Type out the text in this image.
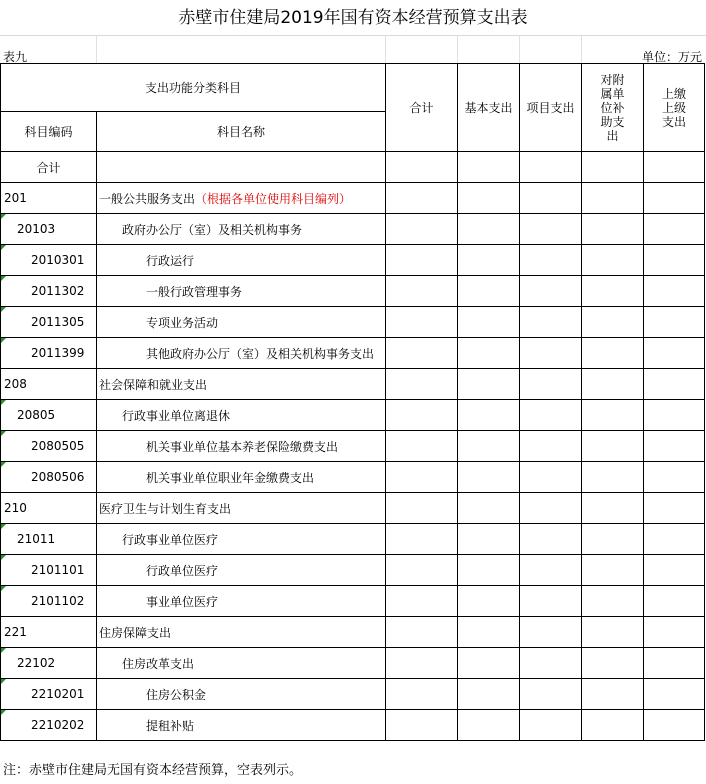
赤壁市住建局2019年国有资本经营预算支出表
表九	单位：万元
支出功能分类科目		合计	基本支出	项目支出	对附属单位补助支出	上缴上级支出

科目编码	科目名称					
合计						
201	一般公共服务支出（根据各单位使用科目编列）					
20103	政府办公厅（室）及相关机构事务					
2010301	行政运行					
2011302	一般行政管理事务					
2011305	专项业务活动					
2011399	其他政府办公厅（室）及相关机构事务支出					
208	社会保障和就业支出					
20805	行政事业单位离退休					
2080505	机关事业单位基本养老保险缴费支出					
2080506	机关事业单位职业年金缴费支出					
210	医疗卫生与计划生育支出					
21011	行政事业单位医疗					
2101101	行政单位医疗					
2101102	事业单位医疗					
221	住房保障支出					
22102	住房改革支出					
2210201	住房公积金					
2210202	提租补贴					
注：赤壁市住建局无国有资本经营预算，空表列示。
